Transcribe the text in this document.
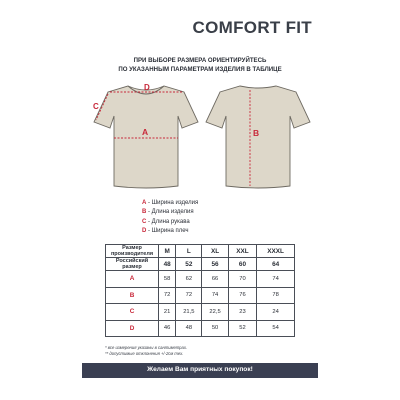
COMFORT FIT
ПРИ ВЫБОРЕ РАЗМЕРА ОРИЕНТИРУЙТЕСЬ
ПО УКАЗАННЫМ ПАРАМЕТРАМ ИЗДЕЛИЯ В ТАБЛИЦЕ
D
A
C
B
A - Ширина изделия
B - Длина изделия
C - Длина рукава
D - Ширина плеч
Размер производителя	M	L	XL	XXL	XXXL
Российский размер	48	52	56	60	64
A	58	62	66	70	74
B	72	72	74	76	78
C	21	21,5	22,5	23	24
D	46	48	50	52	54
* все измерения указаны в сантиметрах.
** допустимые отклонения +/-2см тех.
Желаем Вам приятных покупок!
